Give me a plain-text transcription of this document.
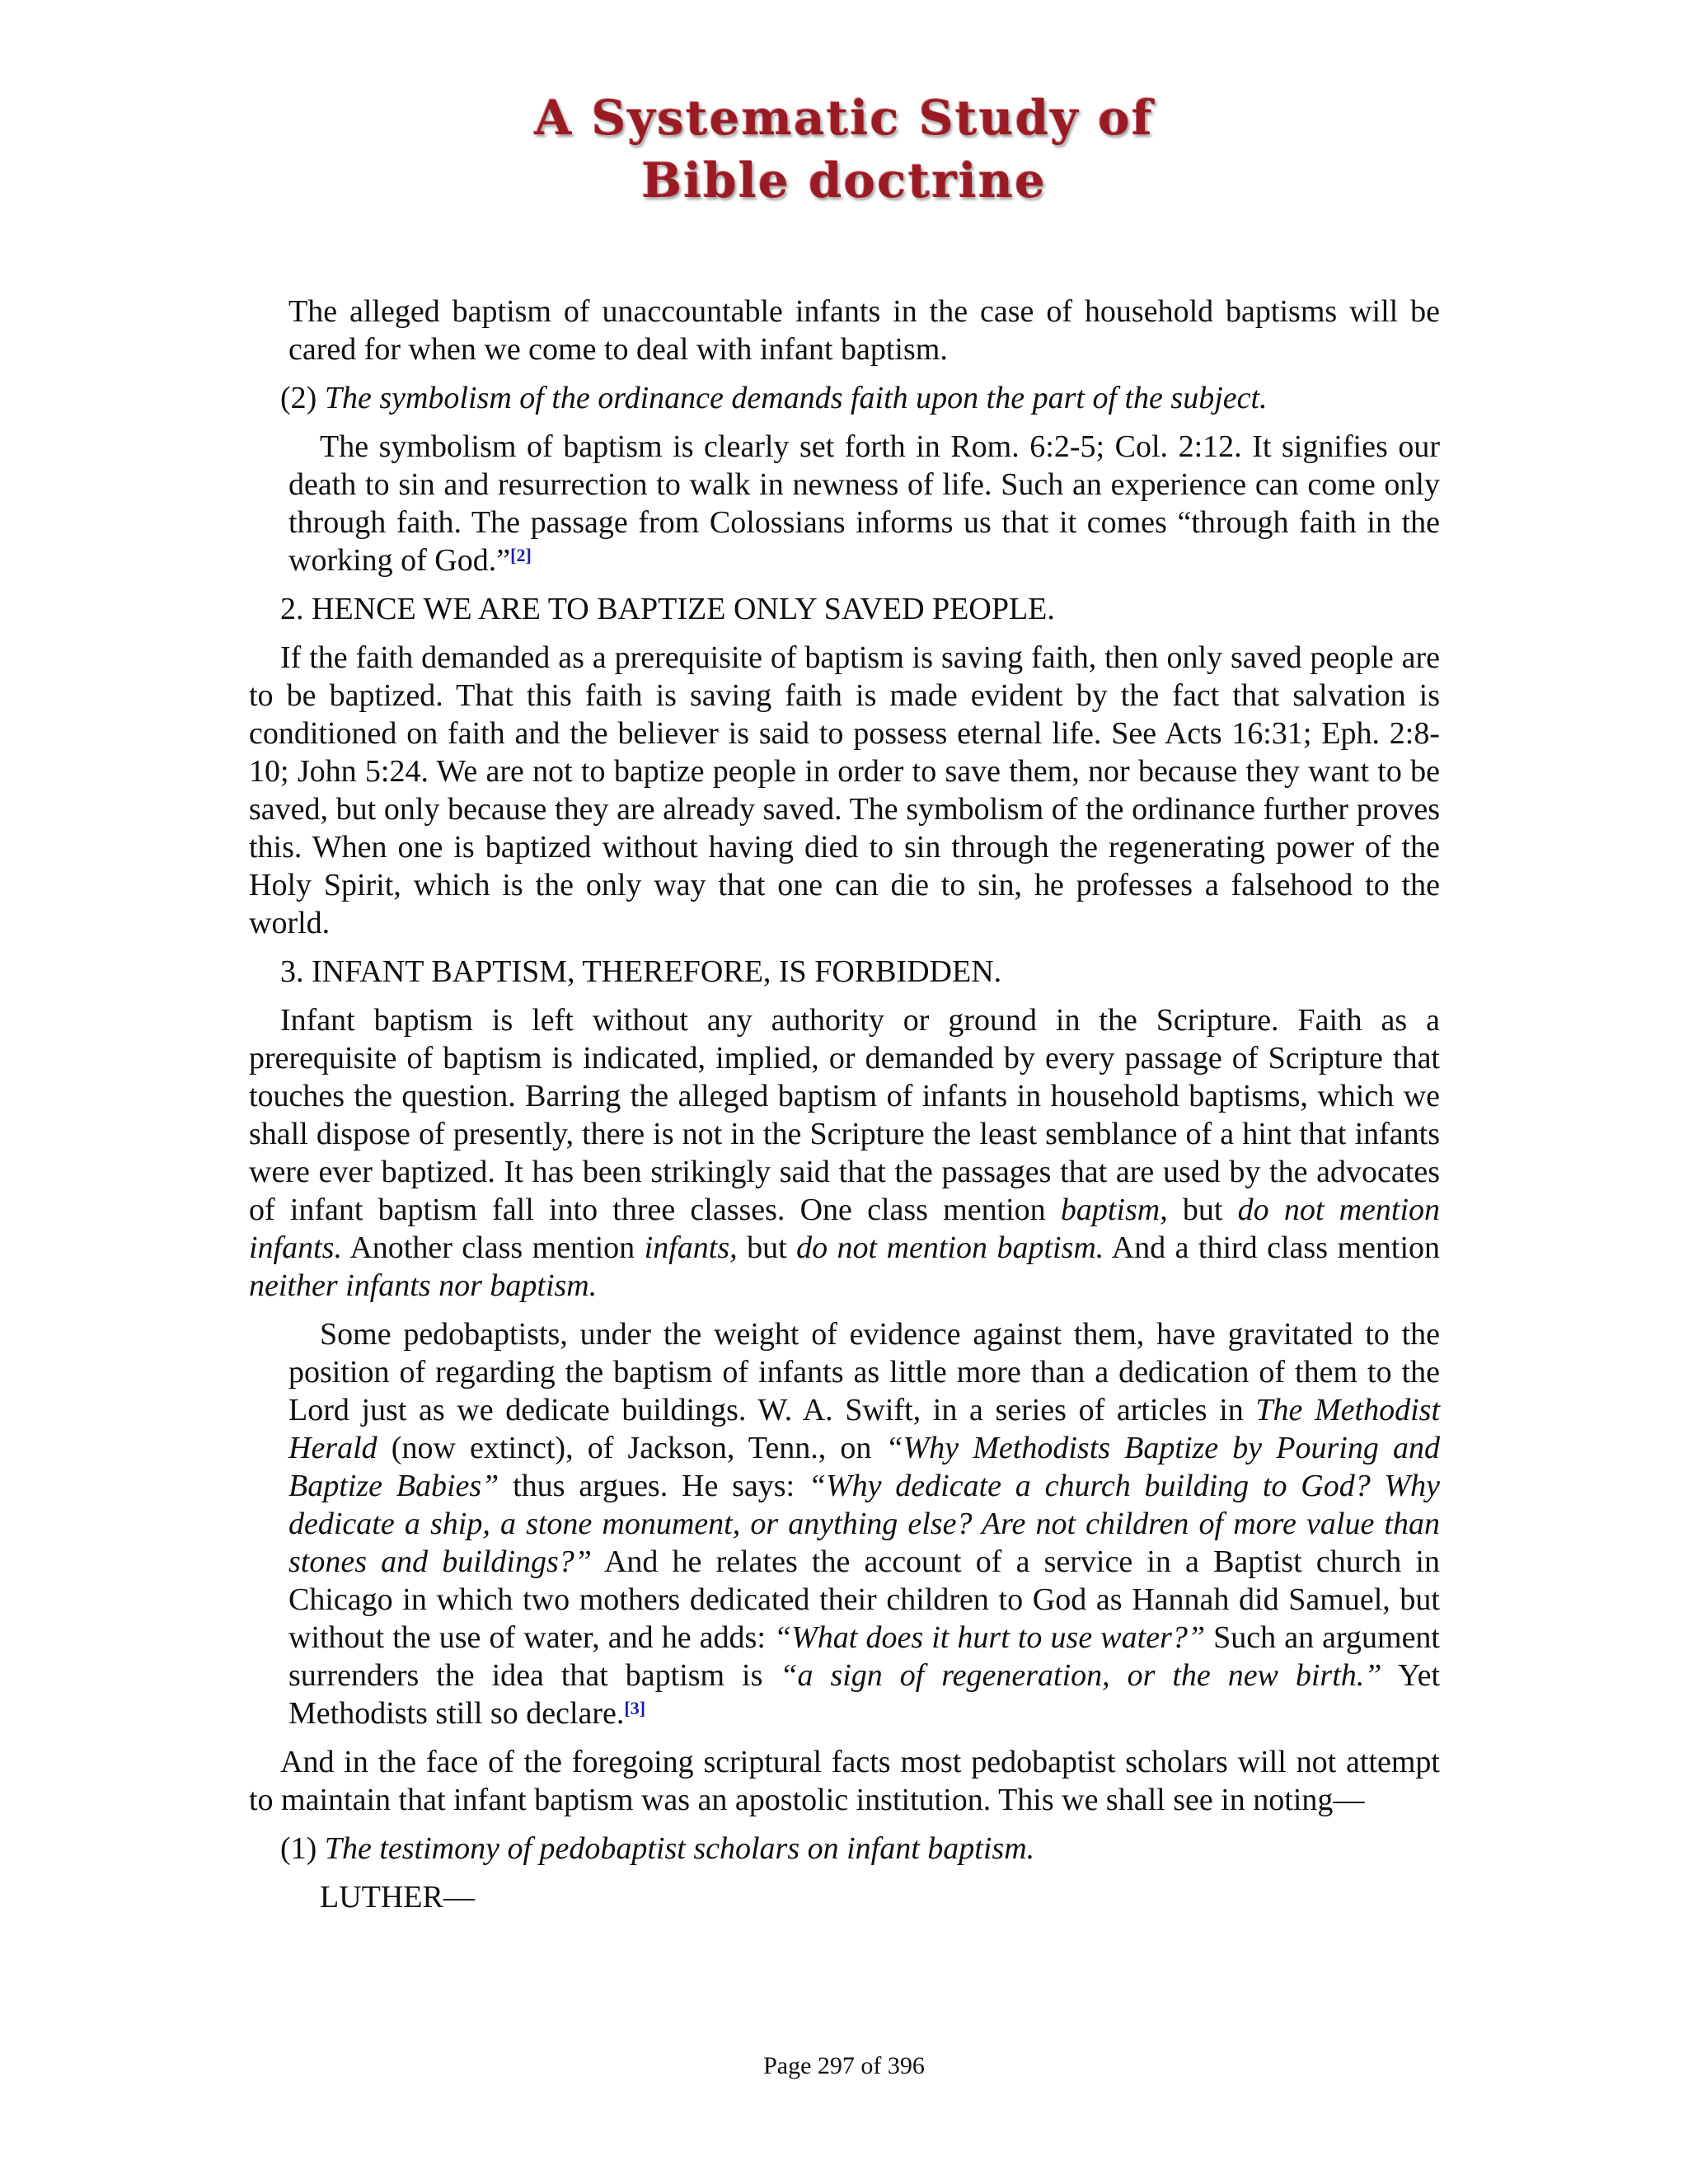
A Systematic Study of
Bible doctrine

The alleged baptism of unaccountable infants in the case of household baptisms will be cared for when we come to deal with infant baptism.

(2) The symbolism of the ordinance demands faith upon the part of the subject.

The symbolism of baptism is clearly set forth in Rom. 6:2-5; Col. 2:12. It signifies our death to sin and resurrection to walk in newness of life. Such an experience can come only through faith. The passage from Colossians informs us that it comes “through faith in the working of God.”[2]

2. HENCE WE ARE TO BAPTIZE ONLY SAVED PEOPLE.

If the faith demanded as a prerequisite of baptism is saving faith, then only saved people are to be baptized. That this faith is saving faith is made evident by the fact that salvation is conditioned on faith and the believer is said to possess eternal life. See Acts 16:31; Eph. 2:8-10; John 5:24. We are not to baptize people in order to save them, nor because they want to be saved, but only because they are already saved. The symbolism of the ordinance further proves this. When one is baptized without having died to sin through the regenerating power of the Holy Spirit, which is the only way that one can die to sin, he professes a falsehood to the world.

3. INFANT BAPTISM, THEREFORE, IS FORBIDDEN.

Infant baptism is left without any authority or ground in the Scripture. Faith as a prerequisite of baptism is indicated, implied, or demanded by every passage of Scripture that touches the question. Barring the alleged baptism of infants in household baptisms, which we shall dispose of presently, there is not in the Scripture the least semblance of a hint that infants were ever baptized. It has been strikingly said that the passages that are used by the advocates of infant baptism fall into three classes. One class mention baptism, but do not mention infants. Another class mention infants, but do not mention baptism. And a third class mention neither infants nor baptism.

Some pedobaptists, under the weight of evidence against them, have gravitated to the position of regarding the baptism of infants as little more than a dedication of them to the Lord just as we dedicate buildings. W. A. Swift, in a series of articles in The Methodist Herald (now extinct), of Jackson, Tenn., on “Why Methodists Baptize by Pouring and Baptize Babies” thus argues. He says: “Why dedicate a church building to God? Why dedicate a ship, a stone monument, or anything else? Are not children of more value than stones and buildings?” And he relates the account of a service in a Baptist church in Chicago in which two mothers dedicated their children to God as Hannah did Samuel, but without the use of water, and he adds: “What does it hurt to use water?” Such an argument surrenders the idea that baptism is “a sign of regeneration, or the new birth.” Yet Methodists still so declare.[3]

And in the face of the foregoing scriptural facts most pedobaptist scholars will not attempt to maintain that infant baptism was an apostolic institution. This we shall see in noting—

(1) The testimony of pedobaptist scholars on infant baptism.

LUTHER—

Page 297 of 396
